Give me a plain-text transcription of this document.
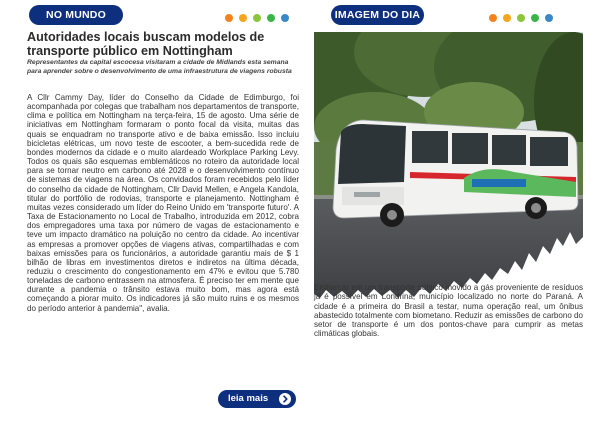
NO MUNDO
Autoridades locais buscam modelos de transporte público em Nottingham
Representantes da capital escocesa visitaram a cidade de Midlands esta semana para aprender sobre o desenvolvimento de uma infraestrutura de viagens robusta

A Cllr Cammy Day, líder do Conselho da Cidade de Edimburgo, foi acompanhada por colegas que trabalham nos departamentos de transporte, clima e política em Nottingham na terça-feira, 15 de agosto. Uma série de iniciativas em Nottingham formaram o ponto focal da visita, muitas das quais se enquadram no transporte ativo e de baixa emissão. Isso incluiu bicicletas elétricas, um novo teste de escooter, a bem-sucedida rede de bondes modernos da cidade e o muito alardeado Workplace Parking Levy. Todos os quais são esquemas emblemáticos no roteiro da autoridade local para se tornar neutro em carbono até 2028 e o desenvolvimento contínuo de sistemas de viagens na área. Os convidados foram recebidos pelo líder do conselho da cidade de Nottingham, Cllr David Mellen, e Angela Kandola, titular do portfólio de rodovias, transporte e planejamento. Nottingham é muitas vezes considerado um líder do Reino Unido em 'transporte futuro'. A Taxa de Estacionamento no Local de Trabalho, introduzida em 2012, cobra dos empregadores uma taxa por número de vagas de estacionamento e teve um impacto dramático na poluição no centro da cidade. Ao incentivar as empresas a promover opções de viagens ativas, compartilhadas e com baixas emissões para os funcionários, a autoridade garantiu mais de $ 1 bilhão de libras em investimentos diretos e indiretos na última década, reduziu o crescimento do congestionamento em 47% e evitou que 5.780 toneladas de carbono entrassem na atmosfera. É preciso ter em mente que durante a pandemia o trânsito estava muito bom, mas agora está começando a piorar muito. Os indicadores já são muito ruins e os mesmos do período anterior à pandemia", avalia.

leia mais
IMAGEM DO DIA

Embarcar em um transporte público movido a gás proveniente de resíduos já é possível em Londrina, município localizado no norte do Paraná. A cidade é a primeira do Brasil a testar, numa operação real, um ônibus abastecido totalmente com biometano. Reduzir as emissões de carbono do setor de transporte é um dos pontos-chave para cumprir as metas climáticas globais.
